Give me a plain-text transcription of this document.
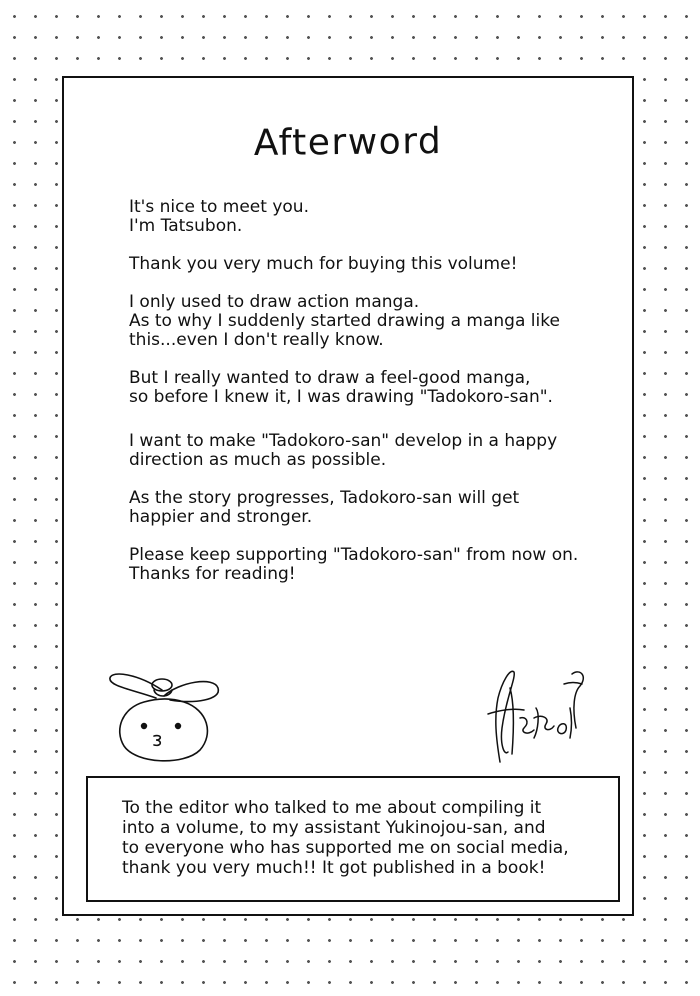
Afterword

It's nice to meet you.
I'm Tatsubon.

Thank you very much for buying this volume!

I only used to draw action manga.
As to why I suddenly started drawing a manga like
this...even I don't really know.

But I really wanted to draw a feel-good manga,
so before I knew it, I was drawing "Tadokoro-san".

I want to make "Tadokoro-san" develop in a happy
direction as much as possible.

As the story progresses, Tadokoro-san will get
happier and stronger.

Please keep supporting "Tadokoro-san" from now on.
Thanks for reading!

To the editor who talked to me about compiling it
into a volume, to my assistant Yukinojou-san, and
to everyone who has supported me on social media,
thank you very much!! It got published in a book!
